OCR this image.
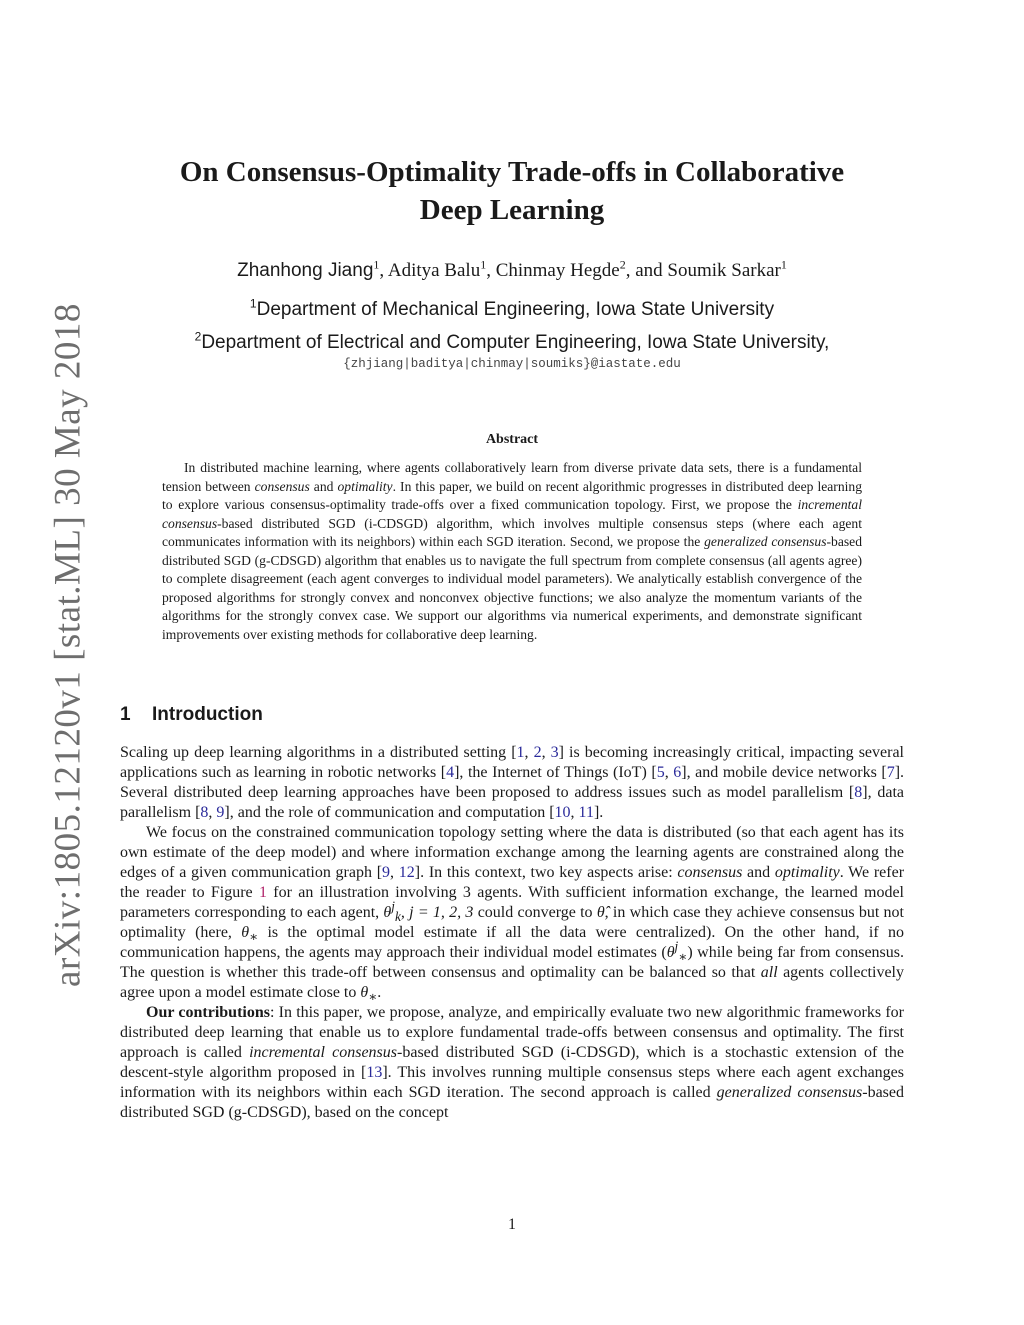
arXiv:1805.12120v1 [stat.ML] 30 May 2018
On Consensus-Optimality Trade-offs in Collaborative
Deep Learning
Zhanhong Jiang$^1$, Aditya Balu$^1$, Chinmay Hegde$^2$, and Soumik Sarkar$^1$
$^1$Department of Mechanical Engineering, Iowa State University
$^2$Department of Electrical and Computer Engineering, Iowa State University,
{zhjiang|baditya|chinmay|soumiks}@iastate.edu
Abstract
In distributed machine learning, where agents collaboratively learn from diverse private data sets, there is a fundamental tension between consensus and optimality. In this paper, we build on recent algorithmic progresses in distributed deep learning to explore various consensus-optimality trade-offs over a fixed communication topology. First, we propose the incremental consensus-based distributed SGD (i-CDSGD) algorithm, which involves multiple consensus steps (where each agent communicates information with its neighbors) within each SGD iteration. Second, we propose the generalized consensus-based distributed SGD (g-CDSGD) algorithm that enables us to navigate the full spectrum from complete consensus (all agents agree) to complete disagreement (each agent converges to individual model parameters). We analytically establish convergence of the proposed algorithms for strongly convex and nonconvex objective functions; we also analyze the momentum variants of the algorithms for the strongly convex case. We support our algorithms via numerical experiments, and demonstrate significant improvements over existing methods for collaborative deep learning.
1 Introduction

Scaling up deep learning algorithms in a distributed setting [1, 2, 3] is becoming increasingly critical, impacting several applications such as learning in robotic networks [4], the Internet of Things (IoT) [5, 6], and mobile device networks [7]. Several distributed deep learning approaches have been proposed to address issues such as model parallelism [8], data parallelism [8, 9], and the role of communication and computation [10, 11].

We focus on the constrained communication topology setting where the data is distributed (so that each agent has its own estimate of the deep model) and where information exchange among the learning agents are constrained along the edges of a given communication graph [9, 12]. In this context, two key aspects arise: consensus and optimality. We refer the reader to Figure 1 for an illustration involving 3 agents. With sufficient information exchange, the learned model parameters corresponding to each agent, $\theta^j_k$, j = 1, 2, 3 could converge to θ̂, in which case they achieve consensus but not optimality (here, $\theta_∗$ is the optimal model estimate if all the data were centralized). On the other hand, if no communication happens, the agents may approach their individual model estimates $(\theta^j_∗)$ while being far from consensus. The question is whether this trade-off between consensus and optimality can be balanced so that all agents collectively agree upon a model estimate close to $\theta_∗$.

Our contributions: In this paper, we propose, analyze, and empirically evaluate two new algorithmic frameworks for distributed deep learning that enable us to explore fundamental trade-offs between consensus and optimality. The first approach is called incremental consensus-based distributed SGD (i-CDSGD), which is a stochastic extension of the descent-style algorithm proposed in [13]. This involves running multiple consensus steps where each agent exchanges information with its neighbors within each SGD iteration. The second approach is called generalized consensus-based distributed SGD (g-CDSGD), based on the concept

1
